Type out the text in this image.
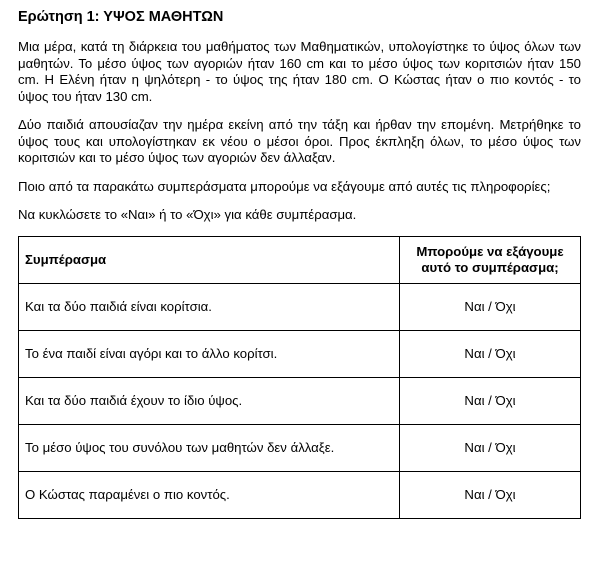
Ερώτηση 1: ΥΨΟΣ ΜΑΘΗΤΩΝ

Μια μέρα, κατά τη διάρκεια του μαθήματος των Μαθηματικών, υπολογίστηκε το ύψος όλων των μαθητών. Το μέσο ύψος των αγοριών ήταν 160 cm και το μέσο ύψος των κοριτσιών ήταν 150 cm. Η Ελένη ήταν η ψηλότερη - το ύψος της ήταν 180 cm. Ο Κώστας ήταν ο πιο κοντός - το ύψος του ήταν 130 cm.

Δύο παιδιά απουσίαζαν την ημέρα εκείνη από την τάξη και ήρθαν την επομένη. Μετρήθηκε το ύψος τους και υπολογίστηκαν εκ νέου ο μέσοι όροι. Προς έκπληξη όλων, το μέσο ύψος των κοριτσιών και το μέσο ύψος των αγοριών δεν άλλαξαν.

Ποιο από τα παρακάτω συμπεράσματα μπορούμε να εξάγουμε από αυτές τις πληροφορίες;

Να κυκλώσετε το «Ναι» ή το «Όχι» για κάθε συμπέρασμα.

Συμπέρασμα	Μπορούμε να εξάγουμε αυτό το συμπέρασμα;
Και τα δύο παιδιά είναι κορίτσια.	Ναι / Όχι
Το ένα παιδί είναι αγόρι και το άλλο κορίτσι.	Ναι / Όχι
Και τα δύο παιδιά έχουν το ίδιο ύψος.	Ναι / Όχι
Το μέσο ύψος του συνόλου των μαθητών δεν άλλαξε.	Ναι / Όχι
Ο Κώστας παραμένει ο πιο κοντός.	Ναι / Όχι
